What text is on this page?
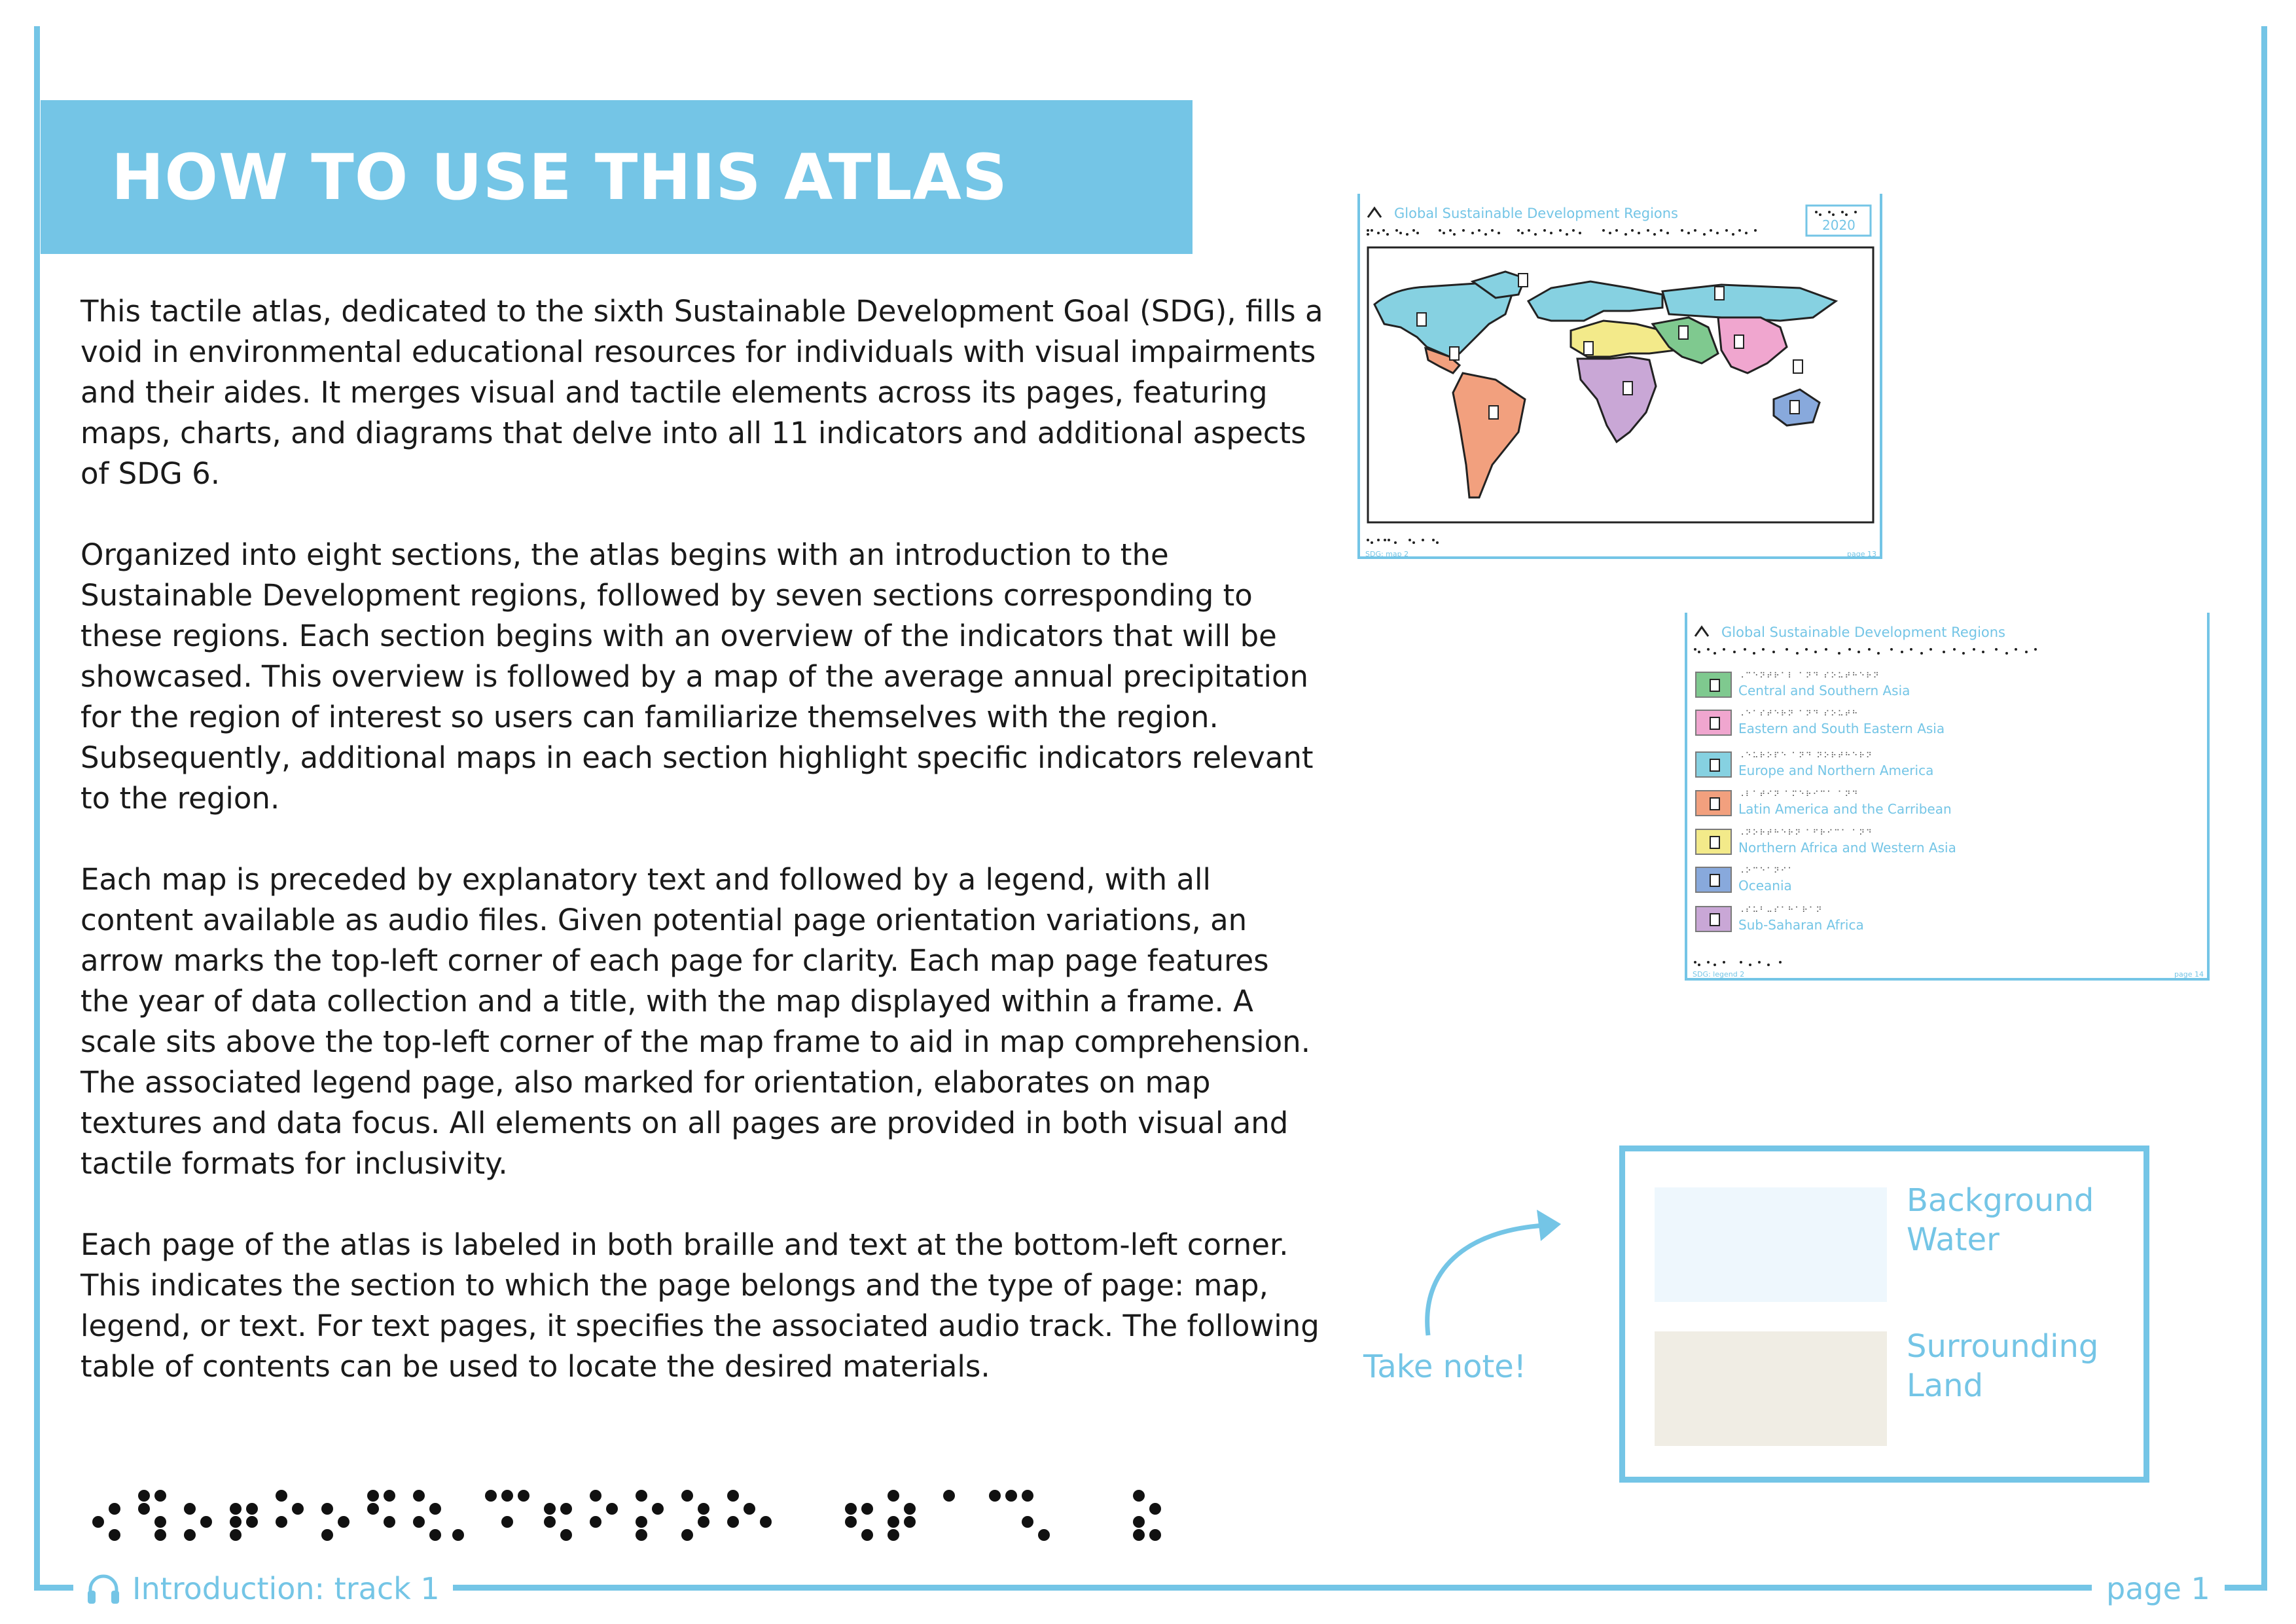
HOW TO USE THIS ATLAS

This tactile atlas, dedicated to the sixth Sustainable Development Goal (SDG), fills a void in environmental educational resources for individuals with visual impairments and their aides. It merges visual and tactile elements across its pages, featuring maps, charts, and diagrams that delve into all 11 indicators and additional aspects of SDG 6.

Organized into eight sections, the atlas begins with an introduction to the Sustainable Development regions, followed by seven sections corresponding to these regions. Each section begins with an overview of the indicators that will be showcased. This overview is followed by a map of the average annual precipitation for the region of interest so users can familiarize themselves with the region. Subsequently, additional maps in each section highlight specific indicators relevant to the region.

Each map is preceded by explanatory text and followed by a legend, with all content available as audio files. Given potential page orientation variations, an arrow marks the top-left corner of each page for clarity. Each map page features the year of data collection and a title, with the map displayed within a frame. A scale sits above the top-left corner of the map frame to aid in map comprehension. The associated legend page, also marked for orientation, elaborates on map textures and data focus. All elements on all pages are provided in both visual and tactile formats for inclusivity.

Each page of the atlas is labeled in both braille and text at the bottom-left corner. This indicates the section to which the page belongs and the type of page: map, legend, or text. For text pages, it specifies the associated audio track. The following table of contents can be used to locate the desired materials.

Introduction: track 1	page 1
Global Sustainable Development Regions
2020
SDG: map 2	page 13
Global Sustainable Development Regions
⠠⠉⠑⠝⠞⠗⠁⠇ ⠁⠝⠙ ⠎⠕⠥⠞⠓⠑⠗⠝
Central and Southern Asia
⠠⠑⠁⠎⠞⠑⠗⠝ ⠁⠝⠙ ⠎⠕⠥⠞⠓
Eastern and South Eastern Asia
⠠⠑⠥⠗⠕⠏⠑ ⠁⠝⠙ ⠝⠕⠗⠞⠓⠑⠗⠝
Europe and Northern America
⠠⠇⠁⠞⠊⠝ ⠁⠍⠑⠗⠊⠉⠁ ⠁⠝⠙
Latin America and the Carribean
⠠⠝⠕⠗⠞⠓⠑⠗⠝ ⠁⠋⠗⠊⠉⠁ ⠁⠝⠙
Northern Africa and Western Asia
⠠⠕⠉⠑⠁⠝⠊⠁
Oceania
⠠⠎⠥⠃⠤⠎⠁⠓⠁⠗⠁⠝
Sub-Saharan Africa
SDG: legend 2	page 14
Take note!
Background
Water
Surrounding
Land
